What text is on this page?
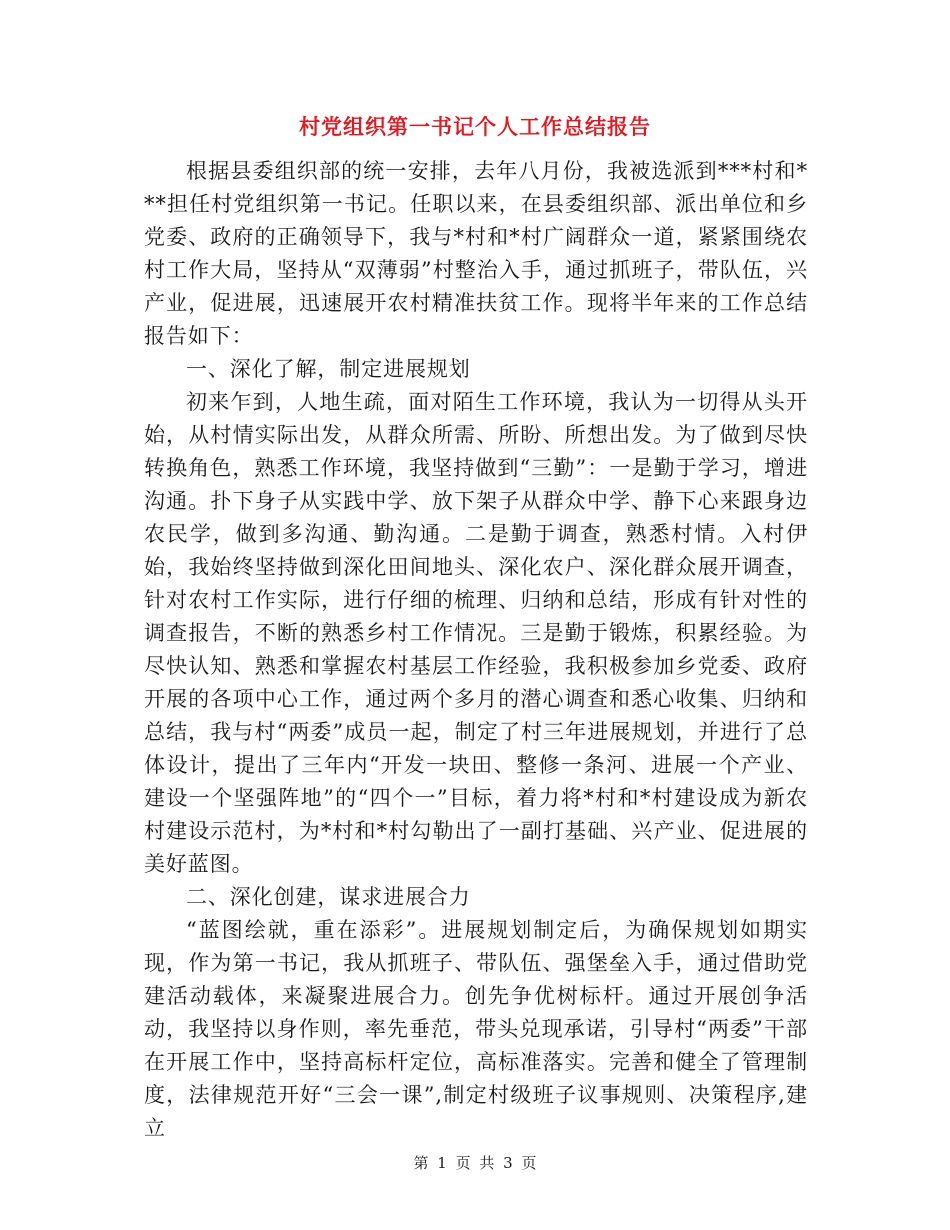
村党组织第一书记个人工作总结报告

根据县委组织部的统一安排，去年八月份，我被选派到***村和***担任村党组织第一书记。任职以来，在县委组织部、派出单位和乡党委、政府的正确领导下，我与*村和*村广阔群众一道，紧紧围绕农村工作大局，坚持从“双薄弱”村整治入手，通过抓班子，带队伍，兴产业，促进展，迅速展开农村精准扶贫工作。现将半年来的工作总结报告如下：

一、深化了解，制定进展规划

初来乍到，人地生疏，面对陌生工作环境，我认为一切得从头开始，从村情实际出发，从群众所需、所盼、所想出发。为了做到尽快转换角色，熟悉工作环境，我坚持做到“三勤”：一是勤于学习，增进沟通。扑下身子从实践中学、放下架子从群众中学、静下心来跟身边农民学，做到多沟通、勤沟通。二是勤于调查，熟悉村情。入村伊始，我始终坚持做到深化田间地头、深化农户、深化群众展开调查，针对农村工作实际，进行仔细的梳理、归纳和总结，形成有针对性的调查报告，不断的熟悉乡村工作情况。三是勤于锻炼，积累经验。为尽快认知、熟悉和掌握农村基层工作经验，我积极参加乡党委、政府开展的各项中心工作，通过两个多月的潜心调查和悉心收集、归纳和总结，我与村“两委”成员一起，制定了村三年进展规划，并进行了总体设计，提出了三年内“开发一块田、整修一条河、进展一个产业、建设一个坚强阵地”的“四个一”目标，着力将*村和*村建设成为新农村建设示范村，为*村和*村勾勒出了一副打基础、兴产业、促进展的美好蓝图。

二、深化创建，谋求进展合力

“蓝图绘就，重在添彩”。进展规划制定后，为确保规划如期实现，作为第一书记，我从抓班子、带队伍、强堡垒入手，通过借助党建活动载体，来凝聚进展合力。创先争优树标杆。通过开展创争活动，我坚持以身作则，率先垂范，带头兑现承诺，引导村“两委”干部在开展工作中，坚持高标杆定位，高标准落实。完善和健全了管理制度，法律规范开好“三会一课”,制定村级班子议事规则、决策程序,建立

第 1 页 共 3 页
